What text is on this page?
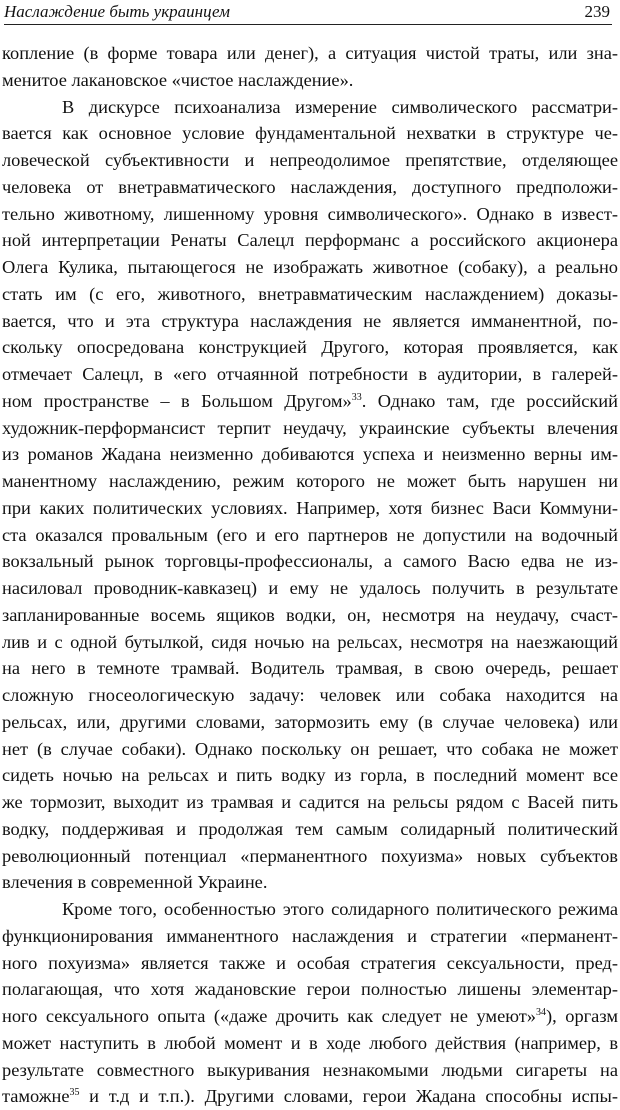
Наслаждение быть украинцем	239
копление (в форме товара или денег), а ситуация чистой траты, или зна-
менитое лакановское «чистое наслаждение».
В дискурсе психоанализа измерение символического рассматри-
вается как основное условие фундаментальной нехватки в структуре че-
ловеческой субъективности и непреодолимое препятствие, отделяющее
человека от внетравматического наслаждения, доступного предположи-
тельно животному, лишенному уровня символического». Однако в извест-
ной интерпретации Ренаты Салецл перформанс а российского акционера
Олега Кулика, пытающегося не изображать животное (собаку), а реально
стать им (с его, животного, внетравматическим наслаждением) доказы-
вается, что и эта структура наслаждения не является имманентной, по-
скольку опосредована конструкцией Другого, которая проявляется, как
отмечает Салецл, в «его отчаянной потребности в аудитории, в галерей-
ном пространстве – в Большом Другом»$^{33}$. Однако там, где российский
художник-перформансист терпит неудачу, украинские субъекты влечения
из романов Жадана неизменно добиваются успеха и неизменно верны им-
манентному наслаждению, режим которого не может быть нарушен ни
при каких политических условиях. Например, хотя бизнес Васи Коммуни-
ста оказался провальным (его и его партнеров не допустили на водочный
вокзальный рынок торговцы-профессионалы, а самого Васю едва не из-
насиловал проводник-кавказец) и ему не удалось получить в результате
запланированные восемь ящиков водки, он, несмотря на неудачу, счаст-
лив и с одной бутылкой, сидя ночью на рельсах, несмотря на наезжающий
на него в темноте трамвай. Водитель трамвая, в свою очередь, решает
сложную гносеологическую задачу: человек или собака находится на
рельсах, или, другими словами, затормозить ему (в случае человека) или
нет (в случае собаки). Однако поскольку он решает, что собака не может
сидеть ночью на рельсах и пить водку из горла, в последний момент все
же тормозит, выходит из трамвая и садится на рельсы рядом с Васей пить
водку, поддерживая и продолжая тем самым солидарный политический
революционный потенциал «перманентного похуизма» новых субъектов
влечения в современной Украине.
Кроме того, особенностью этого солидарного политического режима
функционирования имманентного наслаждения и стратегии «перманент-
ного похуизма» является также и особая стратегия сексуальности, пред-
полагающая, что хотя жадановские герои полностью лишены элементар-
ного сексуального опыта («даже дрочить как следует не умеют»$^{34}$), оргазм
может наступить в любой момент и в ходе любого действия (например, в
результате совместного выкуривания незнакомыми людьми сигареты на
таможне$^{35}$ и т.д и т.п.). Другими словами, герои Жадана способны испы-
